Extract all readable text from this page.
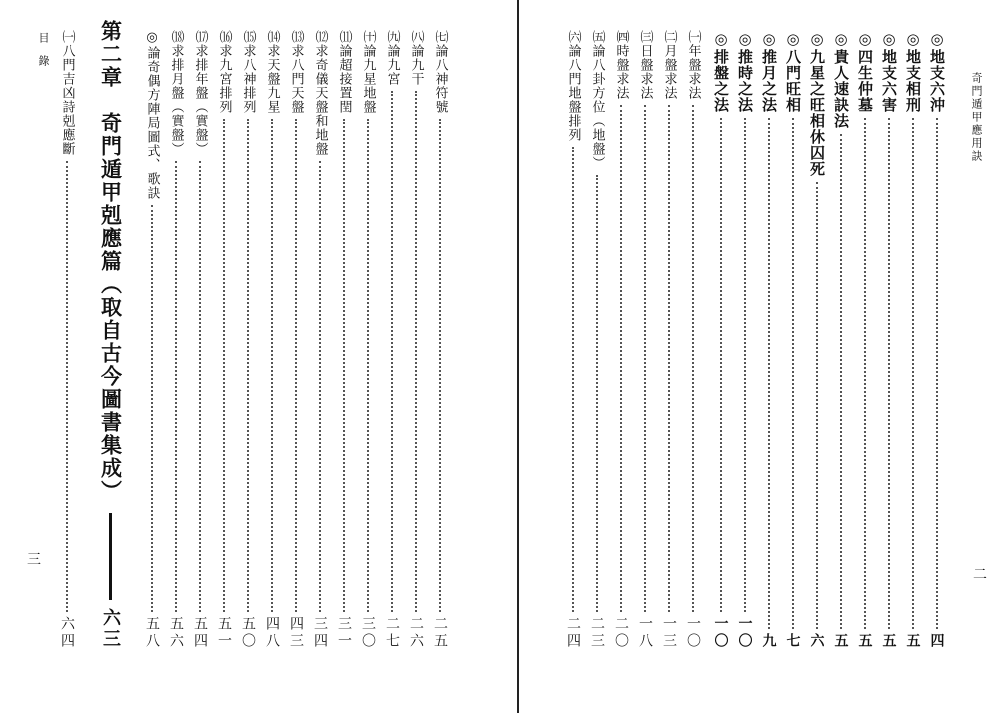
目錄
三
㈠八門吉凶詩剋應斷
六四
第二章　奇門遁甲剋應篇（取自古今圖書集成）
六三
◎論奇偶方陣局圖式、歌訣
五八
⒅求排月盤（實盤）
五六
⒄求排年盤（實盤）
五四
⒃求九宮排列
五一
⒂求八神排列
五〇
⒁求天盤九星
四八
⒀求八門天盤
四三
⑿求奇儀天盤和地盤
三四
⑾論超接置閏
三一
㈩論九星地盤
三〇
㈨論九宮
二七
㈧論九干
二六
㈦論八神符號
二五
㈥論八門地盤排列
二四
㈤論八卦方位（地盤）
二三
㈣時盤求法
二〇
㈢日盤求法
一八
㈡月盤求法
一三
㈠年盤求法
一〇
◎排盤之法
一〇
◎推時之法
一〇
◎推月之法
九
◎八門旺相
七
◎九星之旺相休囚死
六
◎貴人速訣法
五
◎四生仲墓
五
◎地支六害
五
◎地支相刑
五
◎地支六沖
四
奇門遁甲應用訣
二
